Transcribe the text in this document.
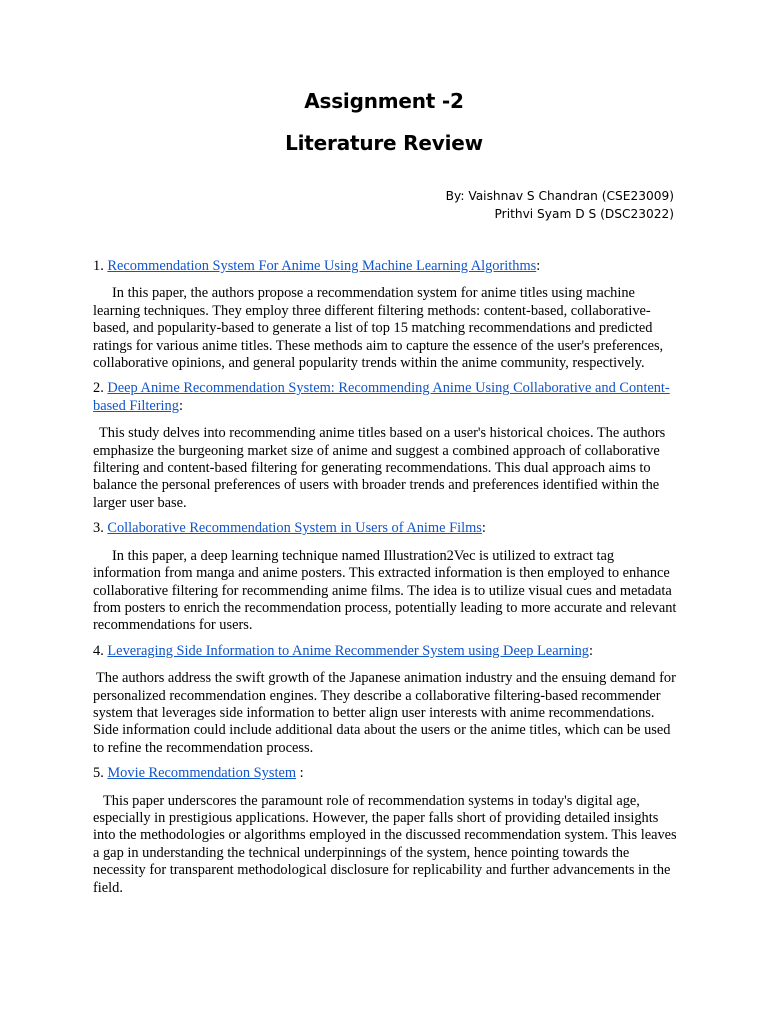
Assignment -2
Literature Review
By: Vaishnav S Chandran (CSE23009)
Prithvi Syam D S (DSC23022)
1. Recommendation System For Anime Using Machine Learning Algorithms:
In this paper, the authors propose a recommendation system for anime titles using machine learning techniques. They employ three different filtering methods: content-based, collaborative-based, and popularity-based to generate a list of top 15 matching recommendations and predicted ratings for various anime titles. These methods aim to capture the essence of the user's preferences, collaborative opinions, and general popularity trends within the anime community, respectively.
2. Deep Anime Recommendation System: Recommending Anime Using Collaborative and Content-based Filtering:
This study delves into recommending anime titles based on a user's historical choices. The authors emphasize the burgeoning market size of anime and suggest a combined approach of collaborative filtering and content-based filtering for generating recommendations. This dual approach aims to balance the personal preferences of users with broader trends and preferences identified within the larger user base.
3. Collaborative Recommendation System in Users of Anime Films:
In this paper, a deep learning technique named Illustration2Vec is utilized to extract tag information from manga and anime posters. This extracted information is then employed to enhance collaborative filtering for recommending anime films. The idea is to utilize visual cues and metadata from posters to enrich the recommendation process, potentially leading to more accurate and relevant recommendations for users.
4. Leveraging Side Information to Anime Recommender System using Deep Learning:
The authors address the swift growth of the Japanese animation industry and the ensuing demand for personalized recommendation engines. They describe a collaborative filtering-based recommender system that leverages side information to better align user interests with anime recommendations. Side information could include additional data about the users or the anime titles, which can be used to refine the recommendation process.
5. Movie Recommendation System :
This paper underscores the paramount role of recommendation systems in today's digital age, especially in prestigious applications. However, the paper falls short of providing detailed insights into the methodologies or algorithms employed in the discussed recommendation system. This leaves a gap in understanding the technical underpinnings of the system, hence pointing towards the necessity for transparent methodological disclosure for replicability and further advancements in the field.
